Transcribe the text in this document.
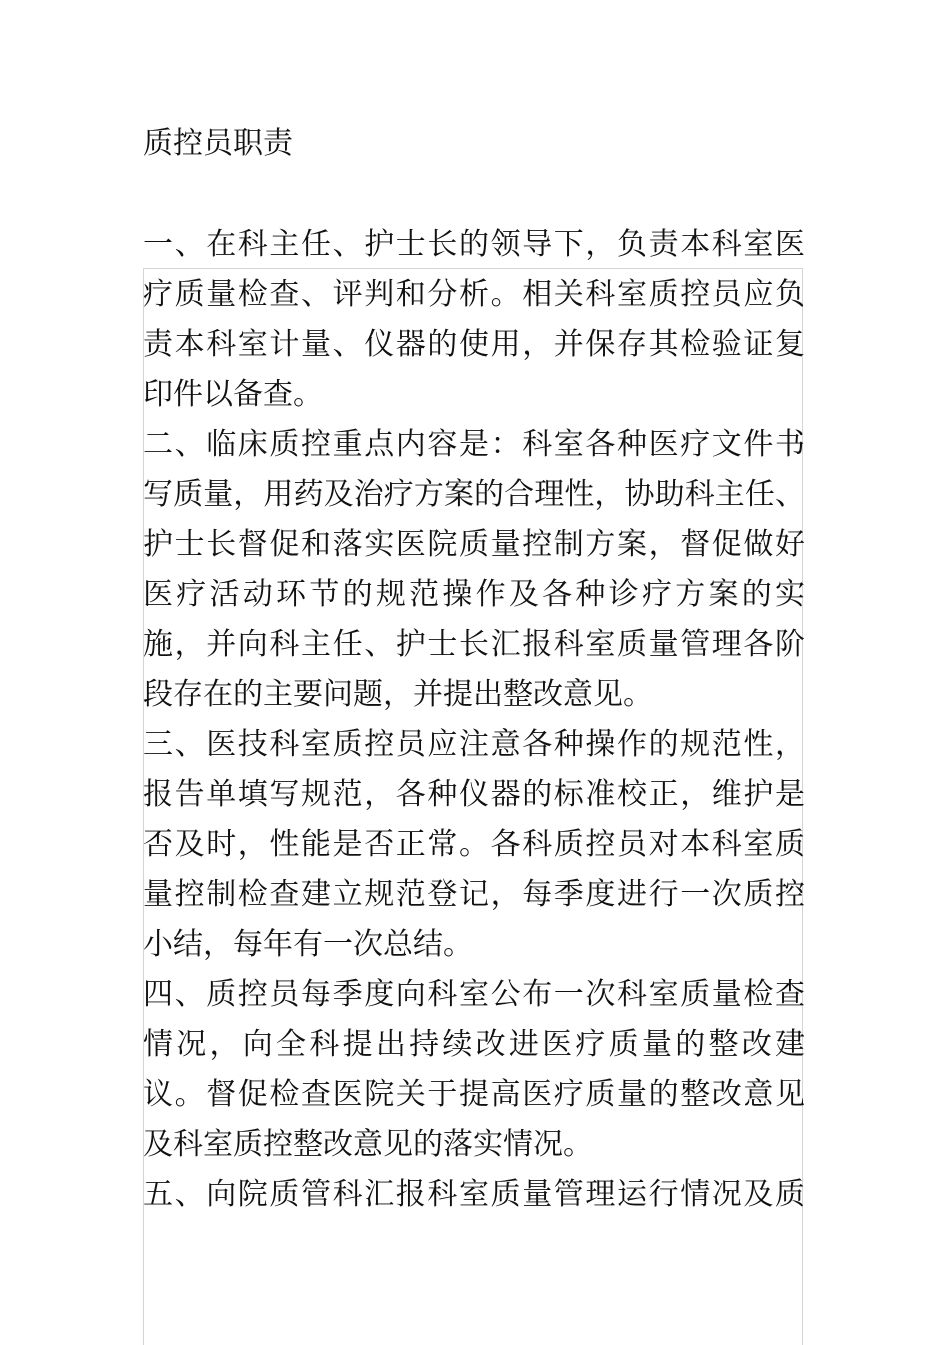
质控员职责
一、在科主任、护士长的领导下，负责本科室医
疗质量检查、评判和分析。相关科室质控员应负
责本科室计量、仪器的使用，并保存其检验证复
印件以备查。
二、临床质控重点内容是：科室各种医疗文件书
写质量，用药及治疗方案的合理性，协助科主任、
护士长督促和落实医院质量控制方案，督促做好
医疗活动环节的规范操作及各种诊疗方案的实
施，并向科主任、护士长汇报科室质量管理各阶
段存在的主要问题，并提出整改意见。
三、医技科室质控员应注意各种操作的规范性，
报告单填写规范，各种仪器的标准校正，维护是
否及时，性能是否正常。各科质控员对本科室质
量控制检查建立规范登记，每季度进行一次质控
小结，每年有一次总结。
四、质控员每季度向科室公布一次科室质量检查
情况，向全科提出持续改进医疗质量的整改建
议。督促检查医院关于提高医疗质量的整改意见
及科室质控整改意见的落实情况。
五、向院质管科汇报科室质量管理运行情况及质
